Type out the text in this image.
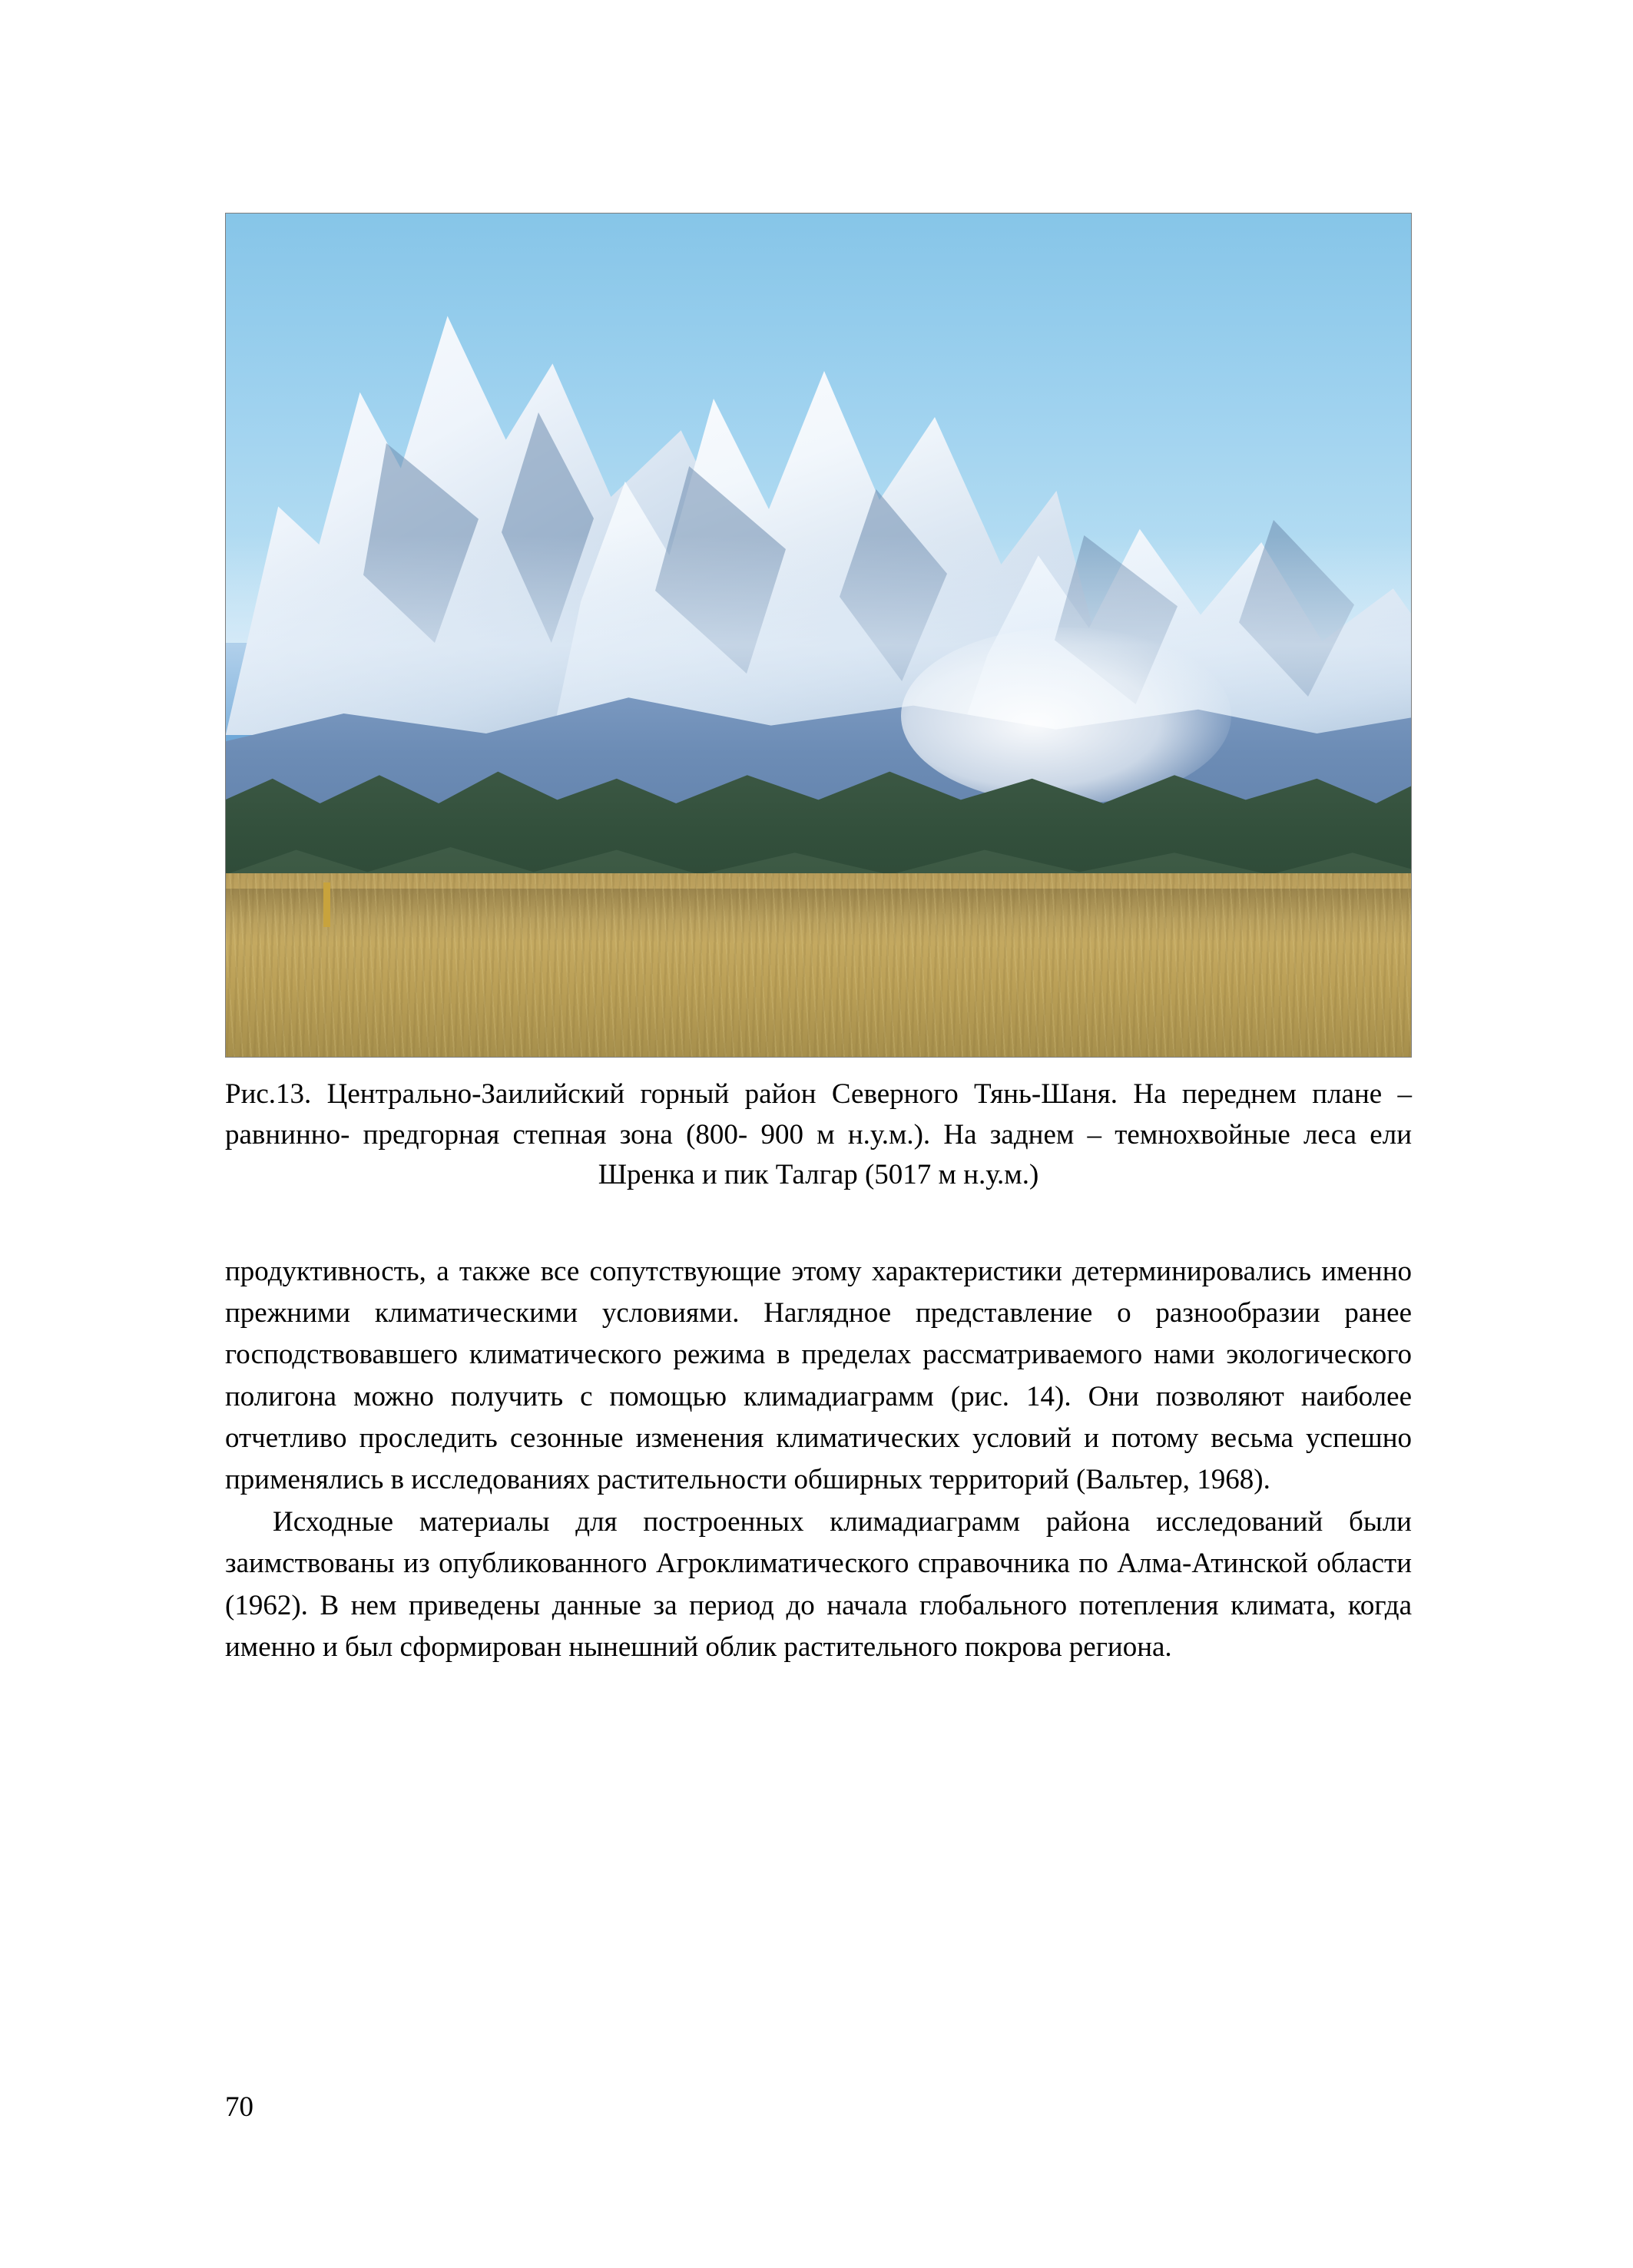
Рис.13. Центрально-Заилийский горный район Северного Тянь-Шаня. На переднем плане – равнинно- предгорная степная зона (800- 900 м н.у.м.). На заднем – темнохвойные леса ели Шренка и пик Талгар (5017 м н.у.м.)

продуктивность, а также все сопутствующие этому характеристики детерминировались именно прежними климатическими условиями. Наглядное представление о разнообразии ранее господствовавшего климатического режима в пределах рассматриваемого нами экологического полигона можно получить с помощью климадиаграмм (рис. 14). Они позволяют наиболее отчетливо проследить сезонные изменения климатических условий и потому весьма успешно применялись в исследованиях растительности обширных территорий (Вальтер, 1968).

Исходные материалы для построенных климадиаграмм района исследований были заимствованы из опубликованного Агроклиматического справочника по Алма-Атинской области (1962). В нем приведены данные за период до начала глобального потепления климата, когда именно и был сформирован нынешний облик растительного покрова региона.

70
